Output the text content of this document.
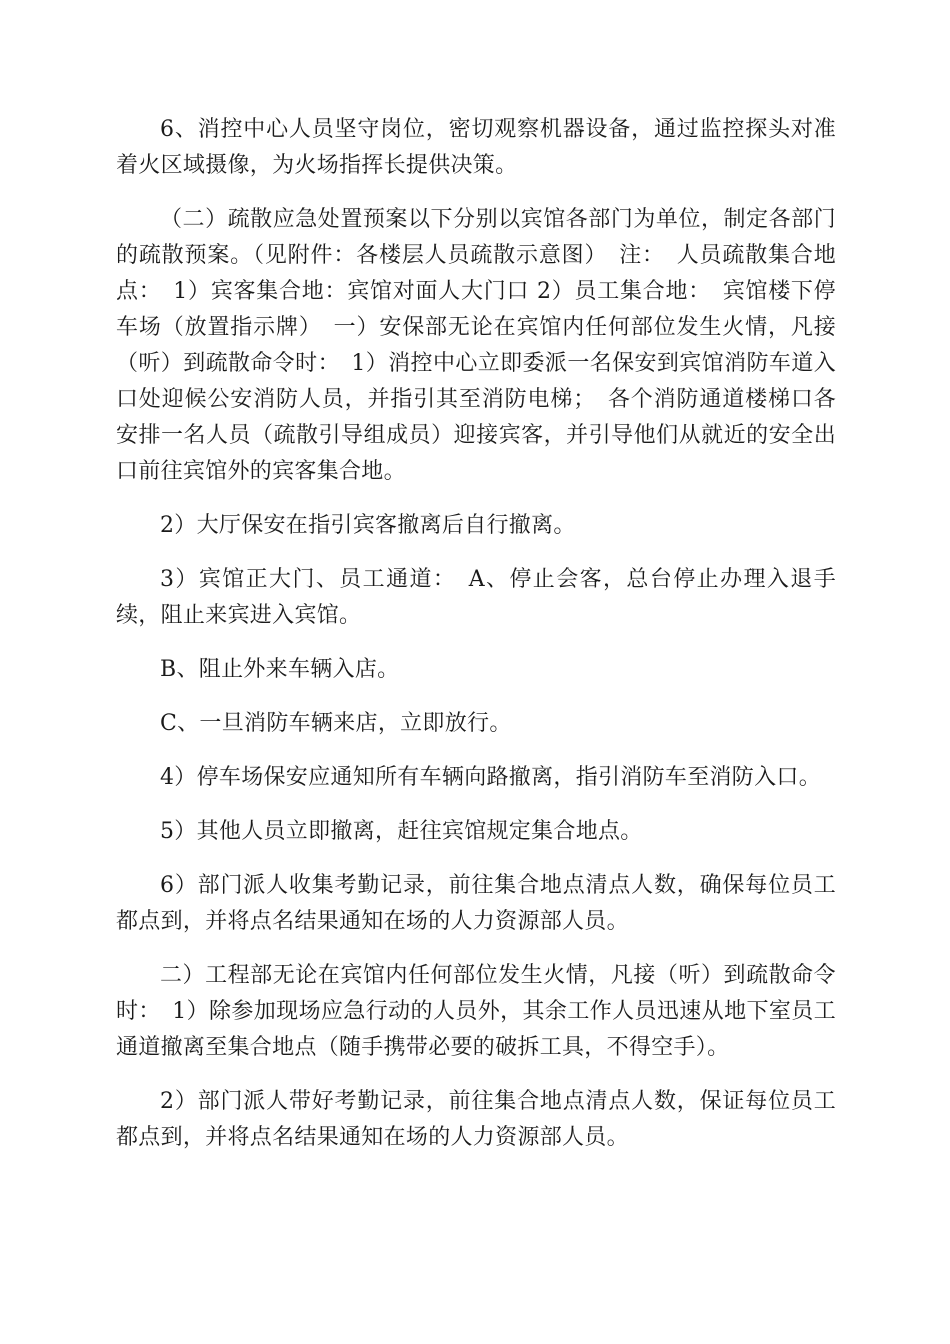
6、消控中心人员坚守岗位，密切观察机器设备，通过监控探头对准着火区域摄像，为火场指挥长提供决策。

（二）疏散应急处置预案以下分别以宾馆各部门为单位，制定各部门的疏散预案。（见附件：各楼层人员疏散示意图）　注：　人员疏散集合地点：　1）宾客集合地：宾馆对面人大门口 2）员工集合地：　宾馆楼下停车场（放置指示牌）　一）安保部无论在宾馆内任何部位发生火情，凡接（听）到疏散命令时：　1）消控中心立即委派一名保安到宾馆消防车道入口处迎候公安消防人员，并指引其至消防电梯；　各个消防通道楼梯口各安排一名人员（疏散引导组成员）迎接宾客，并引导他们从就近的安全出口前往宾馆外的宾客集合地。

2）大厅保安在指引宾客撤离后自行撤离。

3）宾馆正大门、员工通道：　A、停止会客，总台停止办理入退手续，阻止来宾进入宾馆。

B、阻止外来车辆入店。

C、一旦消防车辆来店，立即放行。

4）停车场保安应通知所有车辆向路撤离，指引消防车至消防入口。

5）其他人员立即撤离，赶往宾馆规定集合地点。

6）部门派人收集考勤记录，前往集合地点清点人数，确保每位员工都点到，并将点名结果通知在场的人力资源部人员。

二）工程部无论在宾馆内任何部位发生火情，凡接（听）到疏散命令时：　1）除参加现场应急行动的人员外，其余工作人员迅速从地下室员工通道撤离至集合地点（随手携带必要的破拆工具，不得空手）。

2）部门派人带好考勤记录，前往集合地点清点人数，保证每位员工都点到，并将点名结果通知在场的人力资源部人员。
